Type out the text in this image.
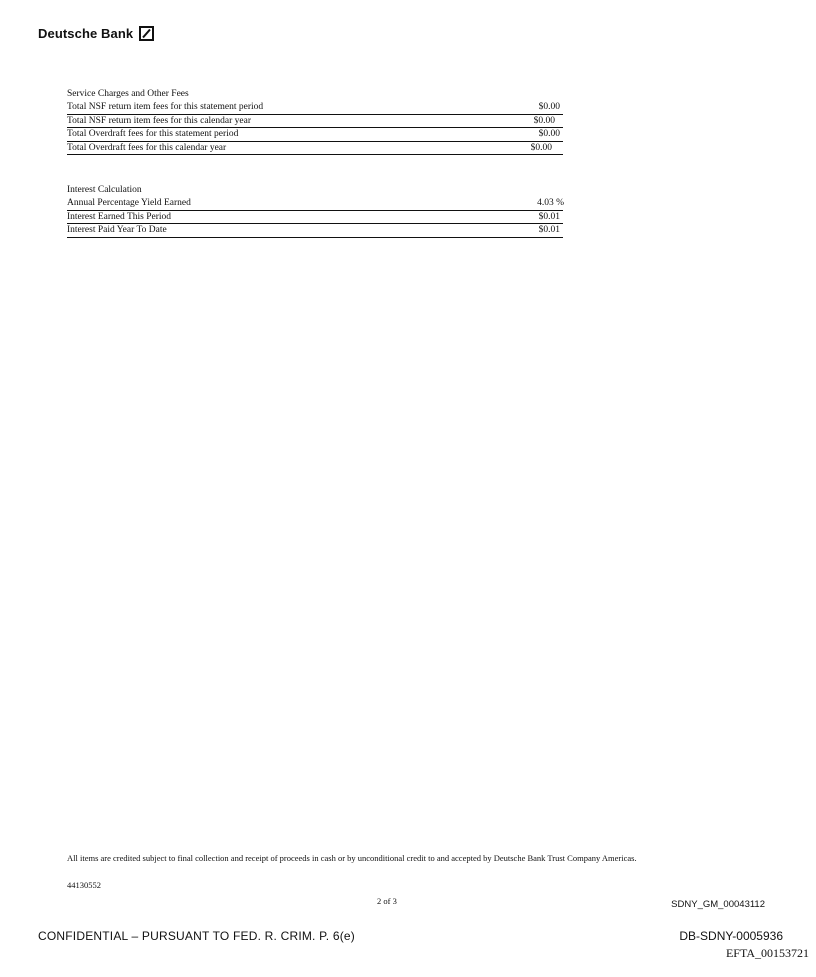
Deutsche Bank
Service Charges and Other Fees
Total NSF return item fees for this statement period	$0.00
Total NSF return item fees for this calendar year	$0.00
Total Overdraft fees for this statement period	$0.00
Total Overdraft fees for this calendar year	$0.00
Interest Calculation
Annual Percentage Yield Earned	4.03 %
Interest Earned This Period	$0.01
Interest Paid Year To Date	$0.01
All items are credited subject to final collection and receipt of proceeds in cash or by unconditional credit to and accepted by Deutsche Bank Trust Company Americas.
44130552
2 of 3	SDNY_GM_00043112
CONFIDENTIAL – PURSUANT TO FED. R. CRIM. P. 6(e)	DB-SDNY-0005936
EFTA_00153721
